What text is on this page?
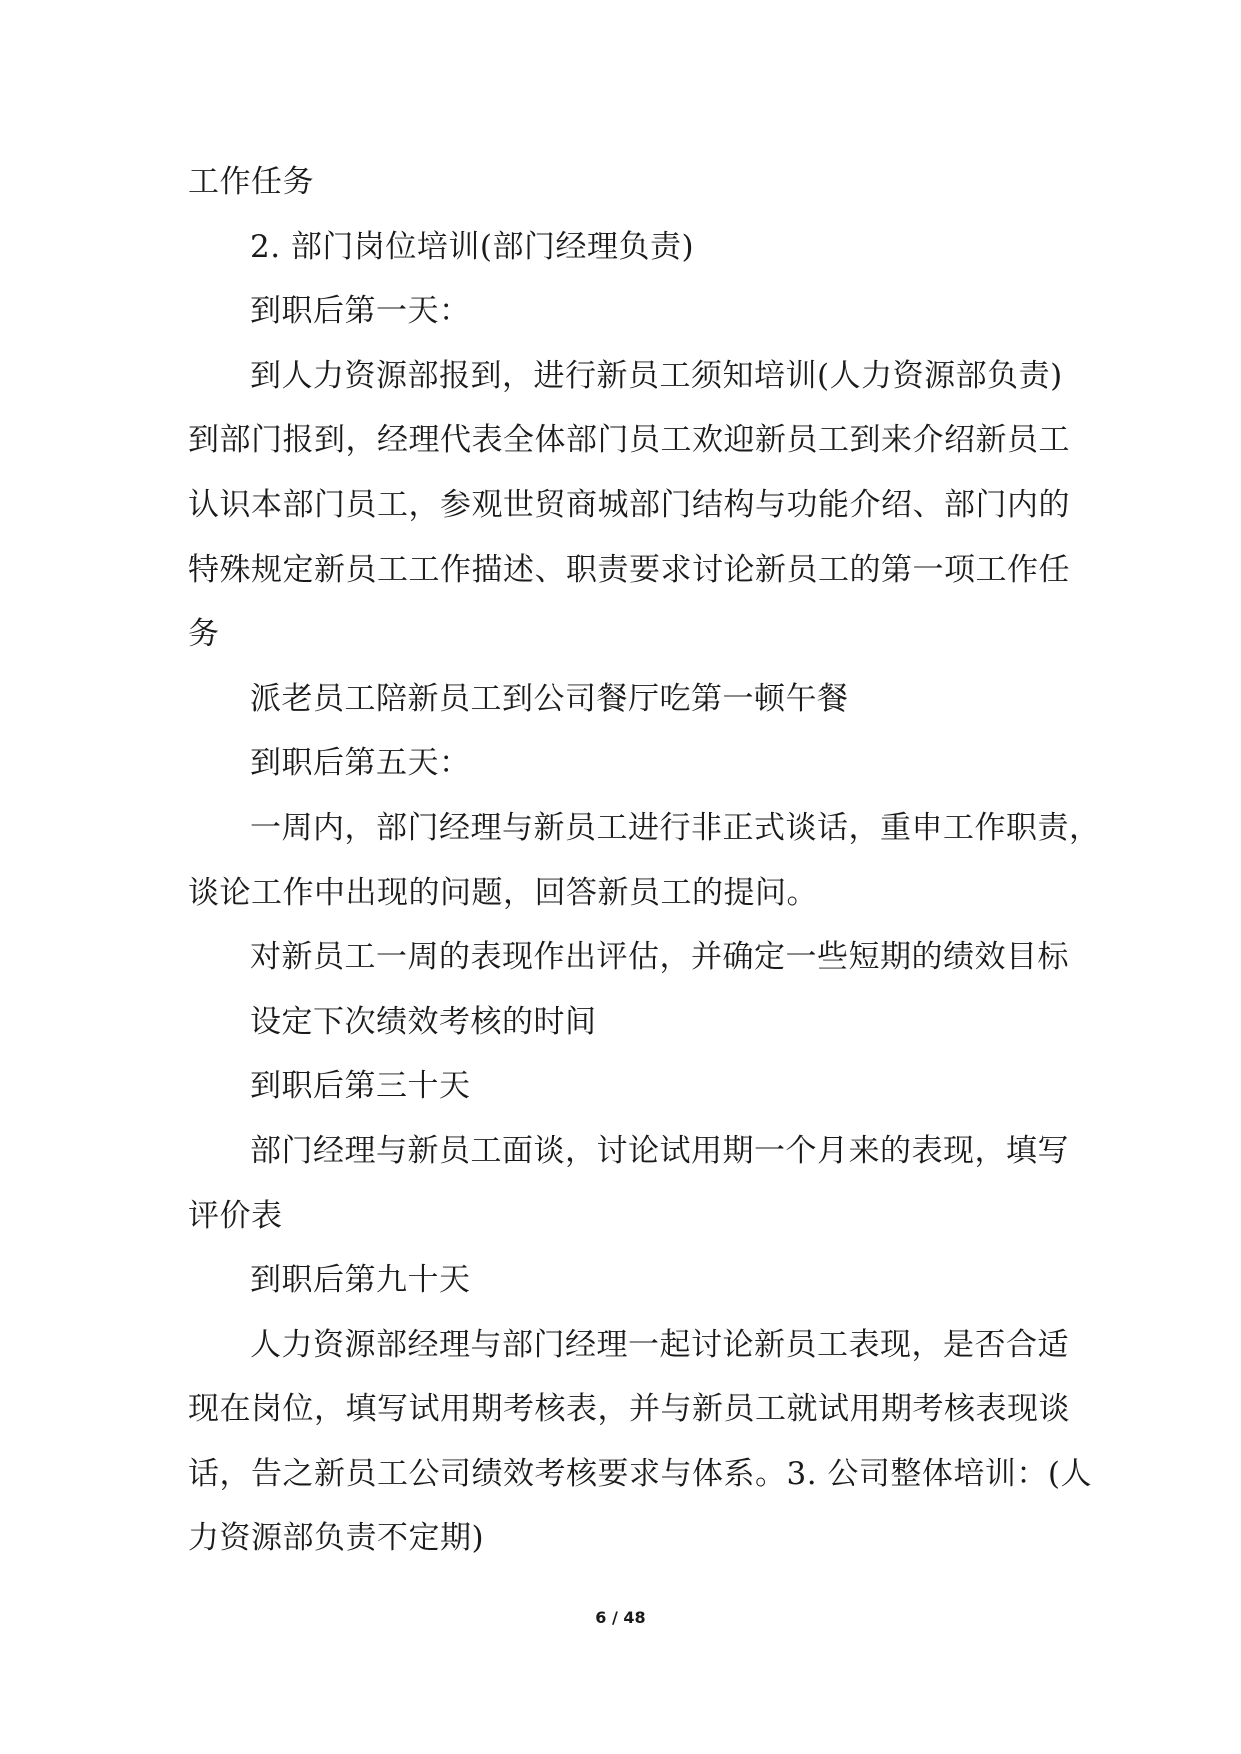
工作任务
2. 部门岗位培训(部门经理负责)
到职后第一天：
到人力资源部报到，进行新员工须知培训(人力资源部负责)
到部门报到，经理代表全体部门员工欢迎新员工到来介绍新员工
认识本部门员工，参观世贸商城部门结构与功能介绍、部门内的
特殊规定新员工工作描述、职责要求讨论新员工的第一项工作任
务
派老员工陪新员工到公司餐厅吃第一顿午餐
到职后第五天：
一周内，部门经理与新员工进行非正式谈话，重申工作职责，
谈论工作中出现的问题，回答新员工的提问。
对新员工一周的表现作出评估，并确定一些短期的绩效目标
设定下次绩效考核的时间
到职后第三十天
部门经理与新员工面谈，讨论试用期一个月来的表现，填写
评价表
到职后第九十天
人力资源部经理与部门经理一起讨论新员工表现，是否合适
现在岗位，填写试用期考核表，并与新员工就试用期考核表现谈
话，告之新员工公司绩效考核要求与体系。3. 公司整体培训：(人
力资源部负责不定期)
6 / 48
